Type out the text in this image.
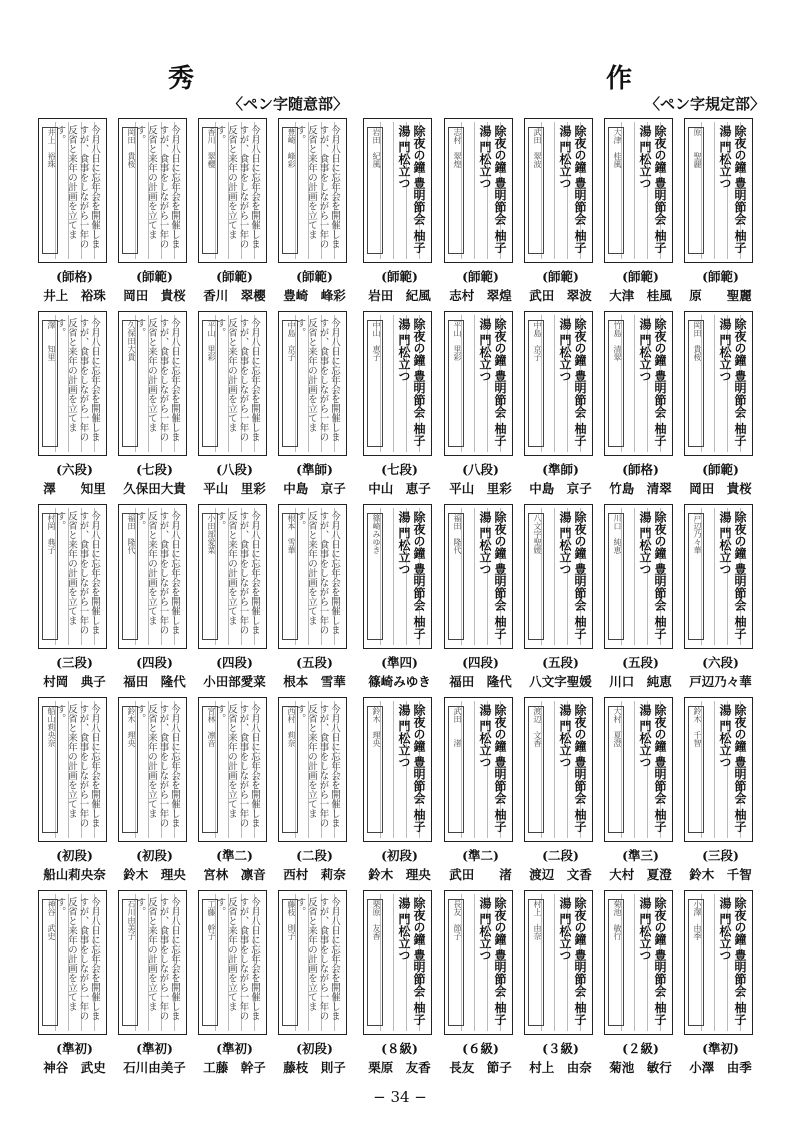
秀　　作
〈ペン字随意部〉	〈ペン字規定部〉
井上　裕珠	今月八日に忘年会を開催しますが、食事をしながら一年の反省と来年の計画を立てます。
(師格)
井上　裕珠
岡田　貴桜	今月八日に忘年会を開催しますが、食事をしながら一年の反省と来年の計画を立てます。
(師範)
岡田　貴桜
香川　翠櫻	今月八日に忘年会を開催しますが、食事をしながら一年の反省と来年の計画を立てます。
(師範)
香川　翠櫻
豊崎　峰彩	今月八日に忘年会を開催しますが、食事をしながら一年の反省と来年の計画を立てます。
(師範)
豊崎　峰彩
岩田　紀風	除夜の鐘 豊明節会 柚子湯 門松立つ
(師範)
岩田　紀風
志村　翠煌	除夜の鐘 豊明節会 柚子湯 門松立つ
(師範)
志村　翠煌
武田　翠波	除夜の鐘 豊明節会 柚子湯 門松立つ
(師範)
武田　翠波
大津　桂風	除夜の鐘 豊明節会 柚子湯 門松立つ
(師範)
大津　桂風
原　　聖麗	除夜の鐘 豊明節会 柚子湯 門松立つ
(師範)
原　　聖麗
澤　　知里	今月八日に忘年会を開催しますが、食事をしながら一年の反省と来年の計画を立てます。
(六段)
澤　　知里
久保田大貴	今月八日に忘年会を開催しますが、食事をしながら一年の反省と来年の計画を立てます。
(七段)
久保田大貴
平山　里彩	今月八日に忘年会を開催しますが、食事をしながら一年の反省と来年の計画を立てます。
(八段)
平山　里彩
中島　京子	今月八日に忘年会を開催しますが、食事をしながら一年の反省と来年の計画を立てます。
(準師)
中島　京子
中山　恵子	除夜の鐘 豊明節会 柚子湯 門松立つ
(七段)
中山　恵子
平山　里彩	除夜の鐘 豊明節会 柚子湯 門松立つ
(八段)
平山　里彩
中島　京子	除夜の鐘 豊明節会 柚子湯 門松立つ
(準師)
中島　京子
竹島　清翠	除夜の鐘 豊明節会 柚子湯 門松立つ
(師格)
竹島　清翠
岡田　貴桜	除夜の鐘 豊明節会 柚子湯 門松立つ
(師範)
岡田　貴桜
村岡　典子	今月八日に忘年会を開催しますが、食事をしながら一年の反省と来年の計画を立てます。
(三段)
村岡　典子
福田　隆代	今月八日に忘年会を開催しますが、食事をしながら一年の反省と来年の計画を立てます。
(四段)
福田　隆代
小田部愛菜	今月八日に忘年会を開催しますが、食事をしながら一年の反省と来年の計画を立てます。
(四段)
小田部愛菜
根本　雪華	今月八日に忘年会を開催しますが、食事をしながら一年の反省と来年の計画を立てます。
(五段)
根本　雪華
篠崎みゆき	除夜の鐘 豊明節会 柚子湯 門松立つ
(準四)
篠崎みゆき
福田　隆代	除夜の鐘 豊明節会 柚子湯 門松立つ
(四段)
福田　隆代
八文字聖媛	除夜の鐘 豊明節会 柚子湯 門松立つ
(五段)
八文字聖媛
川口　純恵	除夜の鐘 豊明節会 柚子湯 門松立つ
(五段)
川口　純恵
戸辺乃々華	除夜の鐘 豊明節会 柚子湯 門松立つ
(六段)
戸辺乃々華
船山莉央奈	今月八日に忘年会を開催しますが、食事をしながら一年の反省と来年の計画を立てます。
(初段)
船山莉央奈
鈴木　理央	今月八日に忘年会を開催しますが、食事をしながら一年の反省と来年の計画を立てます。
(初段)
鈴木　理央
宮林　凛音	今月八日に忘年会を開催しますが、食事をしながら一年の反省と来年の計画を立てます。
(準二)
宮林　凛音
西村　莉奈	今月八日に忘年会を開催しますが、食事をしながら一年の反省と来年の計画を立てます。
(二段)
西村　莉奈
鈴木　理央	除夜の鐘 豊明節会 柚子湯 門松立つ
(初段)
鈴木　理央
武田　　渚	除夜の鐘 豊明節会 柚子湯 門松立つ
(準二)
武田　　渚
渡辺　文香	除夜の鐘 豊明節会 柚子湯 門松立つ
(二段)
渡辺　文香
大村　夏澄	除夜の鐘 豊明節会 柚子湯 門松立つ
(準三)
大村　夏澄
鈴木　千智	除夜の鐘 豊明節会 柚子湯 門松立つ
(三段)
鈴木　千智
神谷　武史	今月八日に忘年会を開催しますが、食事をしながら一年の反省と来年の計画を立てます。
(準初)
神谷　武史
石川由美子	今月八日に忘年会を開催しますが、食事をしながら一年の反省と来年の計画を立てます。
(準初)
石川由美子
工藤　幹子	今月八日に忘年会を開催しますが、食事をしながら一年の反省と来年の計画を立てます。
(準初)
工藤　幹子
藤枝　則子	今月八日に忘年会を開催しますが、食事をしながら一年の反省と来年の計画を立てます。
(初段)
藤枝　則子
栗原　友香	除夜の鐘 豊明節会 柚子湯 門松立つ
(８級)
栗原　友香
長友　節子	除夜の鐘 豊明節会 柚子湯 門松立つ
(６級)
長友　節子
村上　由奈	除夜の鐘 豊明節会 柚子湯 門松立つ
(３級)
村上　由奈
菊池　敏行	除夜の鐘 豊明節会 柚子湯 門松立つ
(２級)
菊池　敏行
小澤　由季	除夜の鐘 豊明節会 柚子湯 門松立つ
(準初)
小澤　由季
− 34 −
